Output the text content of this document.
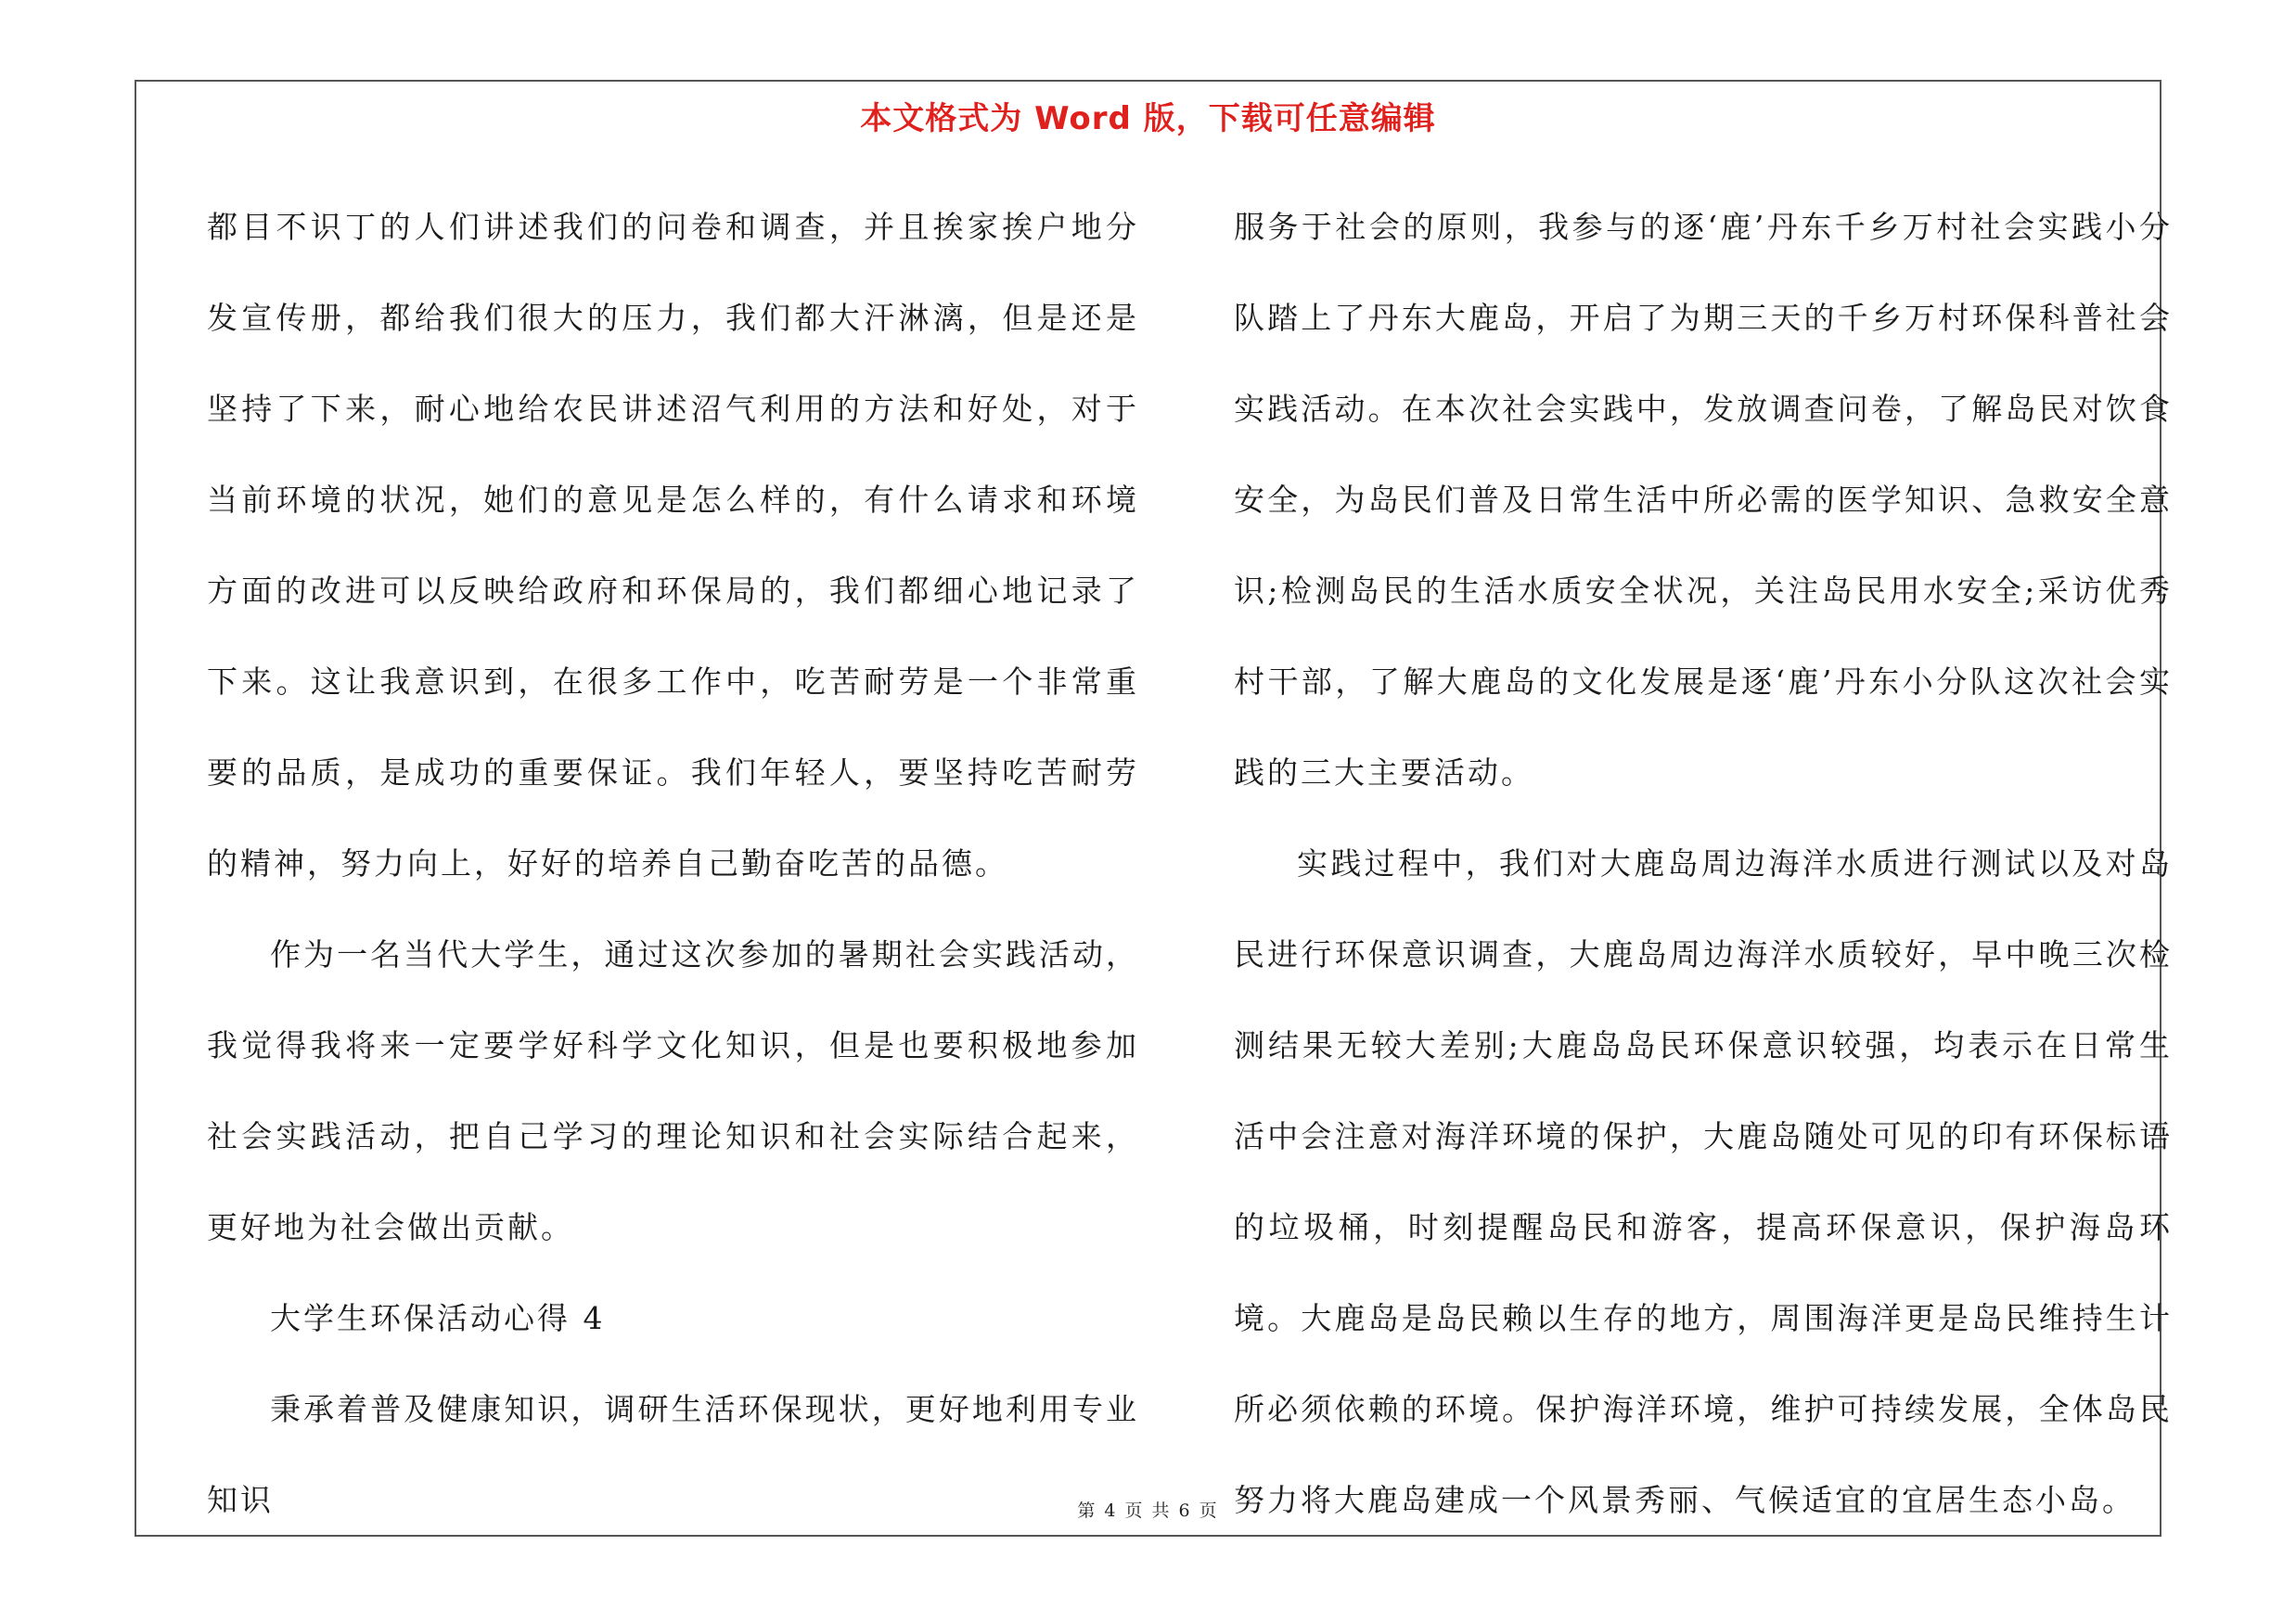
本文格式为 Word 版，下载可任意编辑

都目不识丁的人们讲述我们的问卷和调查，并且挨家挨户地分发宣传册，都给我们很大的压力，我们都大汗淋漓，但是还是坚持了下来，耐心地给农民讲述沼气利用的方法和好处，对于当前环境的状况，她们的意见是怎么样的，有什么请求和环境方面的改进可以反映给政府和环保局的，我们都细心地记录了下来。这让我意识到，在很多工作中，吃苦耐劳是一个非常重要的品质，是成功的重要保证。我们年轻人，要坚持吃苦耐劳的精神，努力向上，好好的培养自己勤奋吃苦的品德。

作为一名当代大学生，通过这次参加的暑期社会实践活动，我觉得我将来一定要学好科学文化知识，但是也要积极地参加社会实践活动，把自己学习的理论知识和社会实际结合起来，更好地为社会做出贡献。

大学生环保活动心得 4

秉承着普及健康知识，调研生活环保现状，更好地利用专业知识

服务于社会的原则，我参与的逐‘鹿’丹东千乡万村社会实践小分队踏上了丹东大鹿岛，开启了为期三天的千乡万村环保科普社会实践活动。在本次社会实践中，发放调查问卷，了解岛民对饮食安全，为岛民们普及日常生活中所必需的医学知识、急救安全意识;检测岛民的生活水质安全状况，关注岛民用水安全;采访优秀村干部，了解大鹿岛的文化发展是逐‘鹿’丹东小分队这次社会实践的三大主要活动。

实践过程中，我们对大鹿岛周边海洋水质进行测试以及对岛民进行环保意识调查，大鹿岛周边海洋水质较好，早中晚三次检测结果无较大差别;大鹿岛岛民环保意识较强，均表示在日常生活中会注意对海洋环境的保护，大鹿岛随处可见的印有环保标语的垃圾桶，时刻提醒岛民和游客，提高环保意识，保护海岛环境。大鹿岛是岛民赖以生存的地方，周围海洋更是岛民维持生计所必须依赖的环境。保护海洋环境，维护可持续发展，全体岛民努力将大鹿岛建成一个风景秀丽、气候适宜的宜居生态小岛。

第 4 页 共 6 页
